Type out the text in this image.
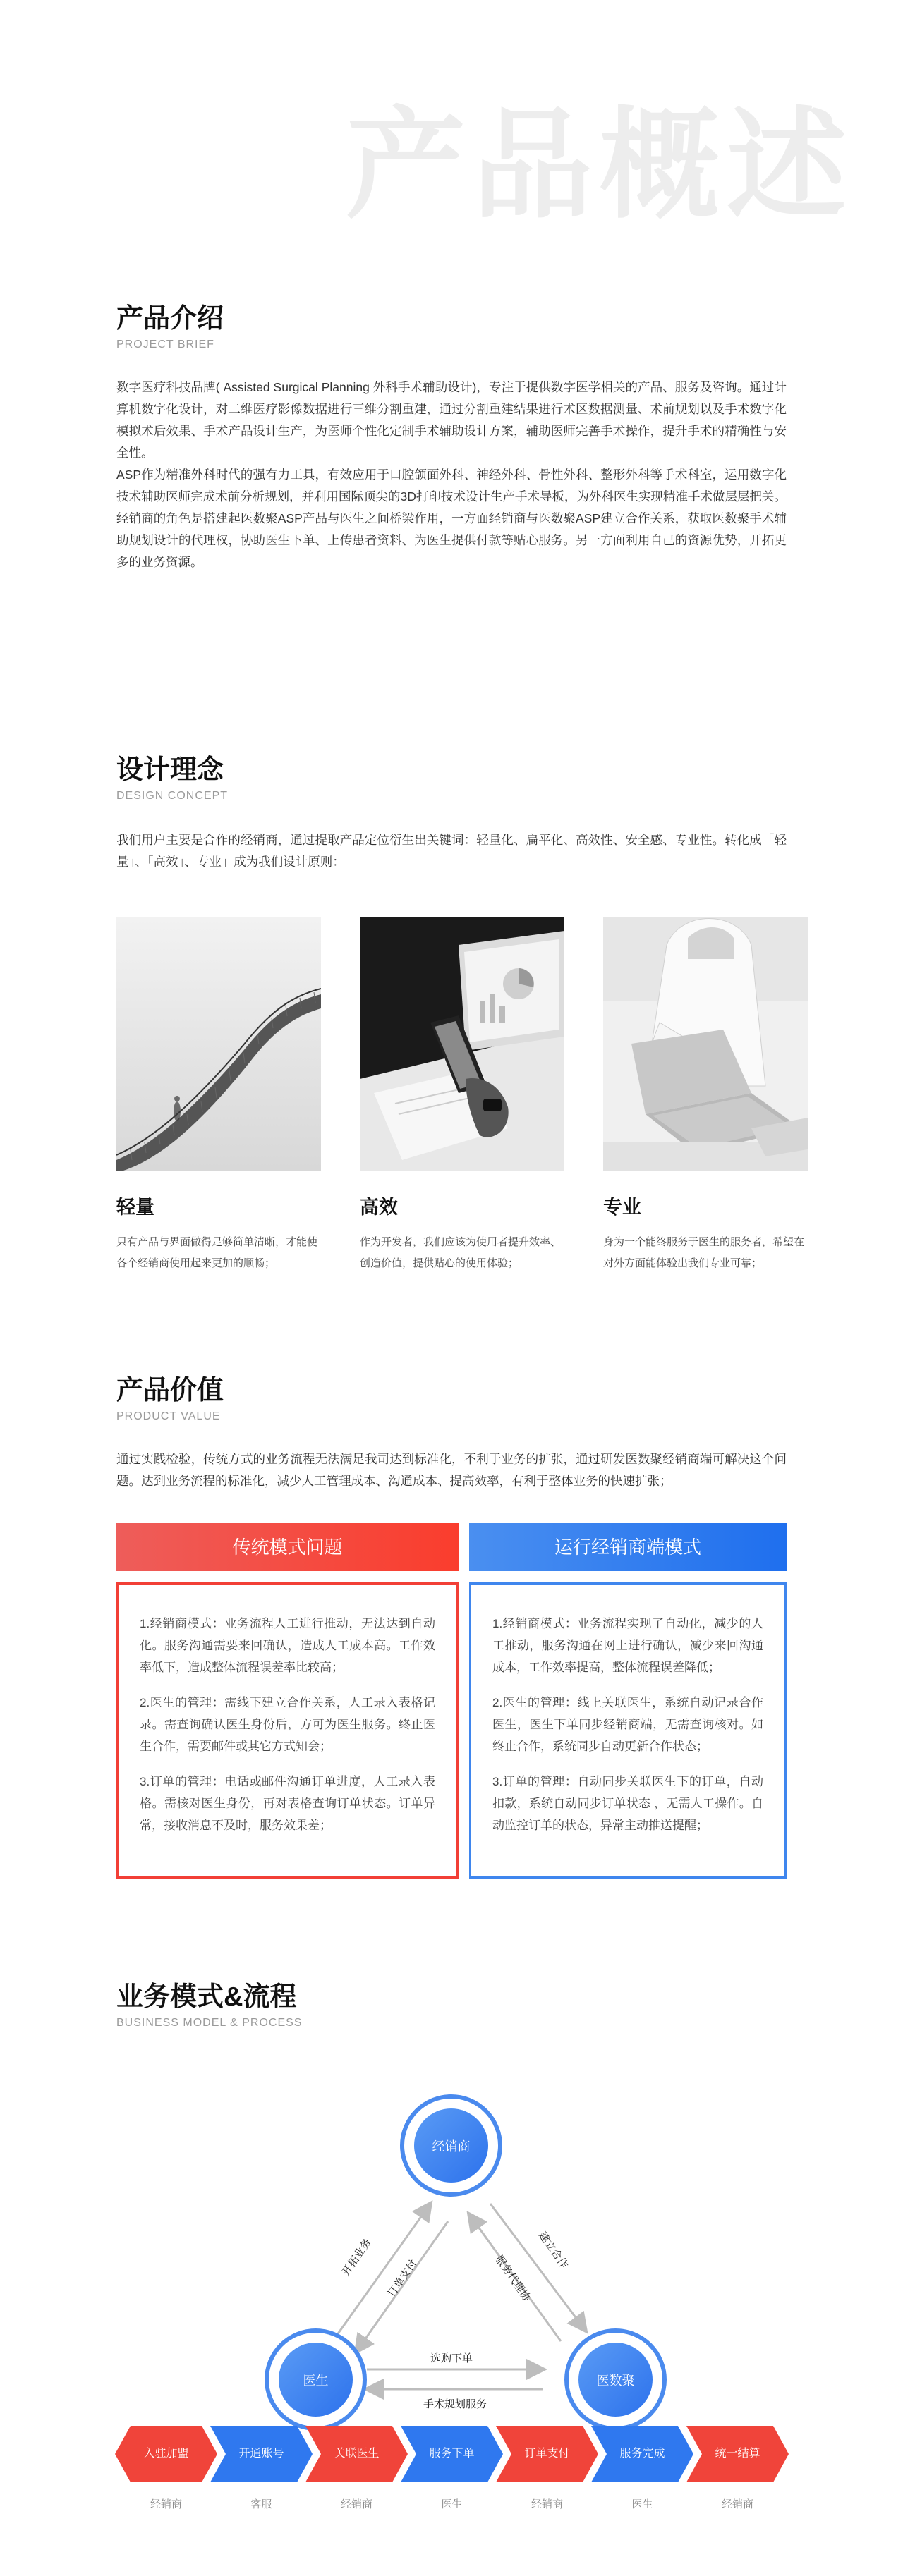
产品概述
产品介绍
PROJECT BRIEF

数字医疗科技品牌( Assisted Surgical Planning 外科手术辅助设计)，专注于提供数字医学相关的产品、服务及咨询。通过计算机数字化设计，对二维医疗影像数据进行三维分割重建，通过分割重建结果进行术区数据测量、术前规划以及手术数字化模拟术后效果、手术产品设计生产，为医师个性化定制手术辅助设计方案，辅助医师完善手术操作，提升手术的精确性与安全性。

ASP作为精准外科时代的强有力工具，有效应用于口腔颌面外科、神经外科、骨性外科、整形外科等手术科室，运用数字化技术辅助医师完成术前分析规划，并利用国际顶尖的3D打印技术设计生产手术导板，为外科医生实现精准手术做层层把关。

经销商的角色是搭建起医数聚ASP产品与医生之间桥梁作用，一方面经销商与医数聚ASP建立合作关系，获取医数聚手术辅助规划设计的代理权，协助医生下单、上传患者资料、为医生提供付款等贴心服务。另一方面利用自己的资源优势，开拓更多的业务资源。

设计理念
DESIGN CONCEPT

我们用户主要是合作的经销商，通过提取产品定位衍生出关键词：轻量化、扁平化、高效性、安全感、专业性。转化成「轻量」、「高效」、专业」成为我们设计原则：

轻量
只有产品与界面做得足够简单清晰，才能使各个经销商使用起来更加的顺畅；
高效
作为开发者，我们应该为使用者提升效率、创造价值，提供贴心的使用体验；
专业
身为一个能终服务于医生的服务者，希望在对外方面能体验出我们专业可靠；
产品价值
PRODUCT VALUE

通过实践检验，传统方式的业务流程无法满足我司达到标准化，不利于业务的扩张，通过研发医数聚经销商端可解决这个问题。达到业务流程的标准化，减少人工管理成本、沟通成本、提高效率，有利于整体业务的快速扩张；

传统模式问题

1.经销商模式：业务流程人工进行推动，无法达到自动化。服务沟通需要来回确认，造成人工成本高。工作效率低下，造成整体流程误差率比较高；

2.医生的管理：需线下建立合作关系，人工录入表格记录。需查询确认医生身份后，方可为医生服务。终止医生合作，需要邮件或其它方式知会；

3.订单的管理：电话或邮件沟通订单进度，人工录入表格。需核对医生身份，再对表格查询订单状态。订单异常，接收消息不及时，服务效果差；

运行经销商端模式

1.经销商模式：业务流程实现了自动化，减少的人工推动，服务沟通在网上进行确认，减少来回沟通成本，工作效率提高，整体流程误差降低；

2.医生的管理：线上关联医生，系统自动记录合作医生，医生下单同步经销商端，无需查询核对。如终止合作，系统同步自动更新合作状态；

3.订单的管理：自动同步关联医生下的订单，自动扣款，系统自动同步订单状态 ，无需人工操作。自动监控订单的状态，异常主动推送提醒；

业务模式&流程
BUSINESS MODEL & PROCESS
经销商
医生	医数聚
开拓业务
订单支付
建立合作
服务代理协
选购下单
手术规划服务
入驻加盟
经销商
开通账号
客服
关联医生
经销商
服务下单
医生
订单支付
经销商
服务完成
医生
统一结算
经销商
